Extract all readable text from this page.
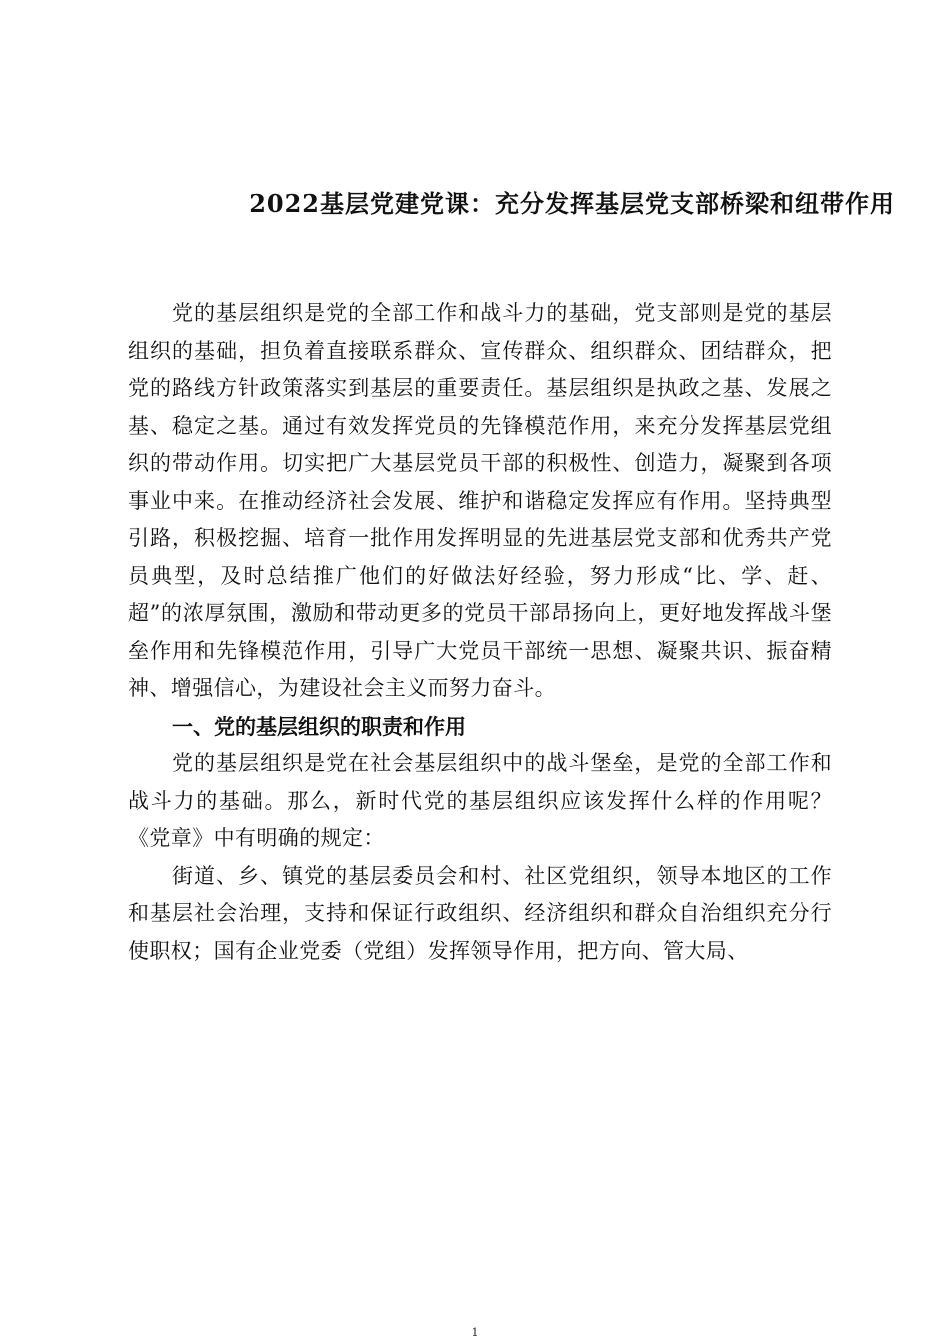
2022基层党建党课：充分发挥基层党支部桥梁和纽带作用

党的基层组织是党的全部工作和战斗力的基础，党支部则是党的基层组织的基础，担负着直接联系群众、宣传群众、组织群众、团结群众，把党的路线方针政策落实到基层的重要责任。基层组织是执政之基、发展之基、稳定之基。通过有效发挥党员的先锋模范作用，来充分发挥基层党组织的带动作用。切实把广大基层党员干部的积极性、创造力，凝聚到各项事业中来。在推动经济社会发展、维护和谐稳定发挥应有作用。坚持典型引路，积极挖掘、培育一批作用发挥明显的先进基层党支部和优秀共产党员典型，及时总结推广他们的好做法好经验，努力形成“比、学、赶、超”的浓厚氛围，激励和带动更多的党员干部昂扬向上，更好地发挥战斗堡垒作用和先锋模范作用，引导广大党员干部统一思想、凝聚共识、振奋精神、增强信心，为建设社会主义而努力奋斗。

一、党的基层组织的职责和作用

党的基层组织是党在社会基层组织中的战斗堡垒，是党的全部工作和战斗力的基础。那么，新时代党的基层组织应该发挥什么样的作用呢？《党章》中有明确的规定：

街道、乡、镇党的基层委员会和村、社区党组织，领导本地区的工作和基层社会治理，支持和保证行政组织、经济组织和群众自治组织充分行使职权；国有企业党委（党组）发挥领导作用，把方向、管大局、

1
